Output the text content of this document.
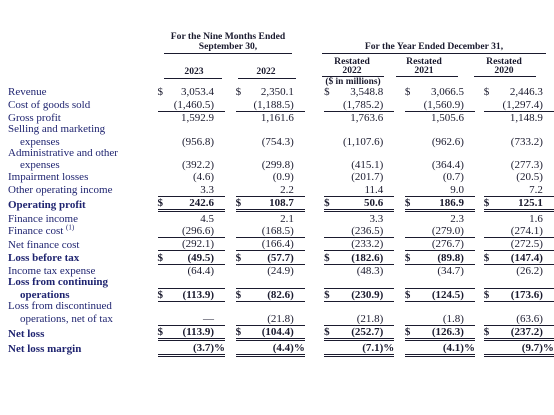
For the Nine Months Ended
September 30,	For the Year Ended December 31,
Restated	Restated	Restated
2023	2022	2022	2021	2020
($ in millions)
Revenue	$	3,053.4			$	2,350.1			$	3,548.8			$	3,066.5			$	2,446.3	
Cost of goods sold		(1,460.5)				(1,188.5)				(1,785.2)				(1,560.9)				(1,297.4)	
Gross profit		1,592.9				1,161.6				1,763.6				1,505.6				1,148.9	
Selling and marketing																			
expenses		(956.8)				(754.3)				(1,107.6)				(962.6)				(733.2)	
Administrative and other																			
expenses		(392.2)				(299.8)				(415.1)				(364.4)				(277.3)	
Impairment losses		(4.6)				(0.9)				(201.7)				(0.7)				(20.5)	
Other operating income		3.3				2.2				11.4				9.0				7.2	
Operating profit	$	242.6			$	108.7			$	50.6			$	186.9			$	125.1	
Finance income		4.5				2.1				3.3				2.3				1.6	
Finance cost $^{(1)}$		(296.6)				(168.5)				(236.5)				(279.0)				(274.1)	
Net finance cost		(292.1)				(166.4)				(233.2)				(276.7)				(272.5)	
Loss before tax	$	(49.5)			$	(57.7)			$	(182.6)			$	(89.8)			$	(147.4)	
Income tax expense		(64.4)				(24.9)				(48.3)				(34.7)				(26.2)	
Loss from continuing																			
operations	$	(113.9)			$	(82.6)			$	(230.9)			$	(124.5)			$	(173.6)	
Loss from discontinued																			
operations, net of tax		—				(21.8)				(21.8)				(1.8)				(63.6)	
Net loss	$	(113.9)			$	(104.4)			$	(252.7)			$	(126.3)			$	(237.2)	
Net loss margin		(3.7)	%			(4.4)	%			(7.1)	%			(4.1)	%			(9.7)	%
